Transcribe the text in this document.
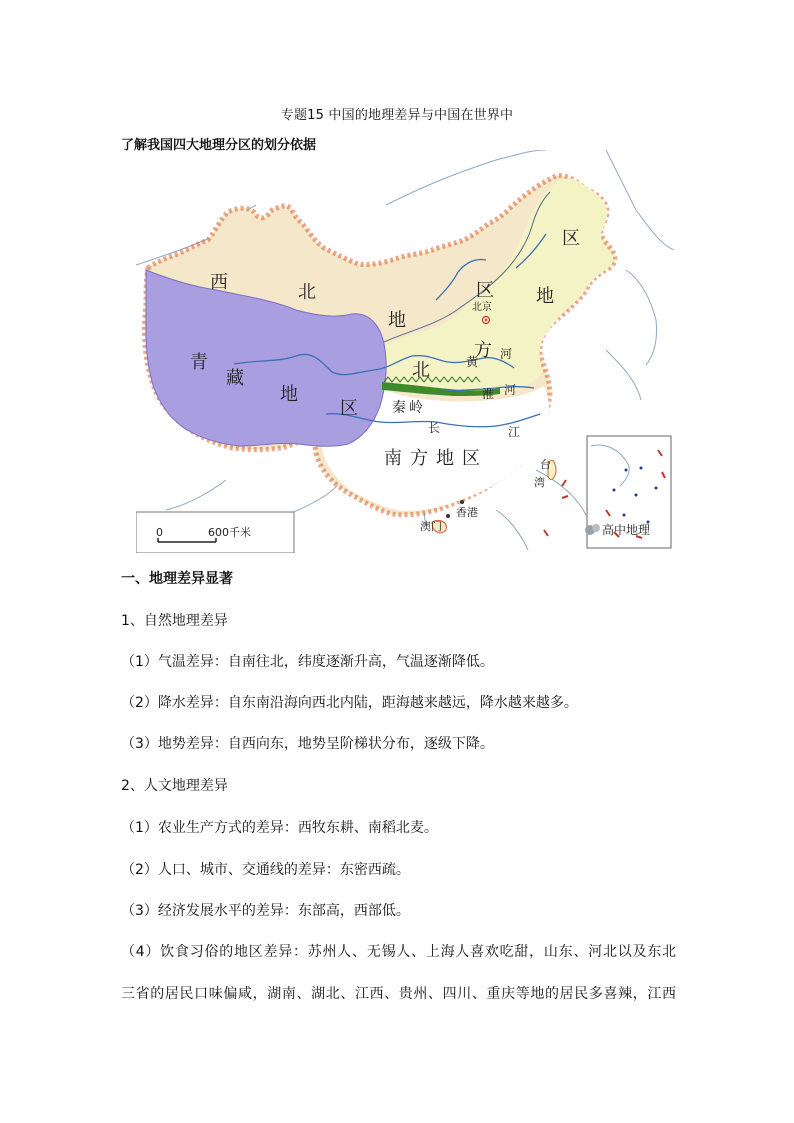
专题15 中国的地理差异与中国在世界中
了解我国四大地理分区的划分依据
西	北
地
区
青
藏
地
区
北
方
地
区
南方地区
北京
黄
河
淮 河
秦岭
长	江
台
湾
香港
澳门
0	600千米	高中地理
一、地理差异显著
1、自然地理差异
（1）气温差异：自南往北，纬度逐渐升高，气温逐渐降低。
（2）降水差异：自东南沿海向西北内陆，距海越来越远，降水越来越多。
（3）地势差异：自西向东，地势呈阶梯状分布，逐级下降。
2、人文地理差异
（1）农业生产方式的差异：西牧东耕、南稻北麦。
（2）人口、城市、交通线的差异：东密西疏。
（3）经济发展水平的差异：东部高，西部低。
（4）饮食习俗的地区差异：苏州人、无锡人、上海人喜欢吃甜，山东、河北以及东北
三省的居民口味偏咸，湖南、湖北、江西、贵州、四川、重庆等地的居民多喜辣，江西
